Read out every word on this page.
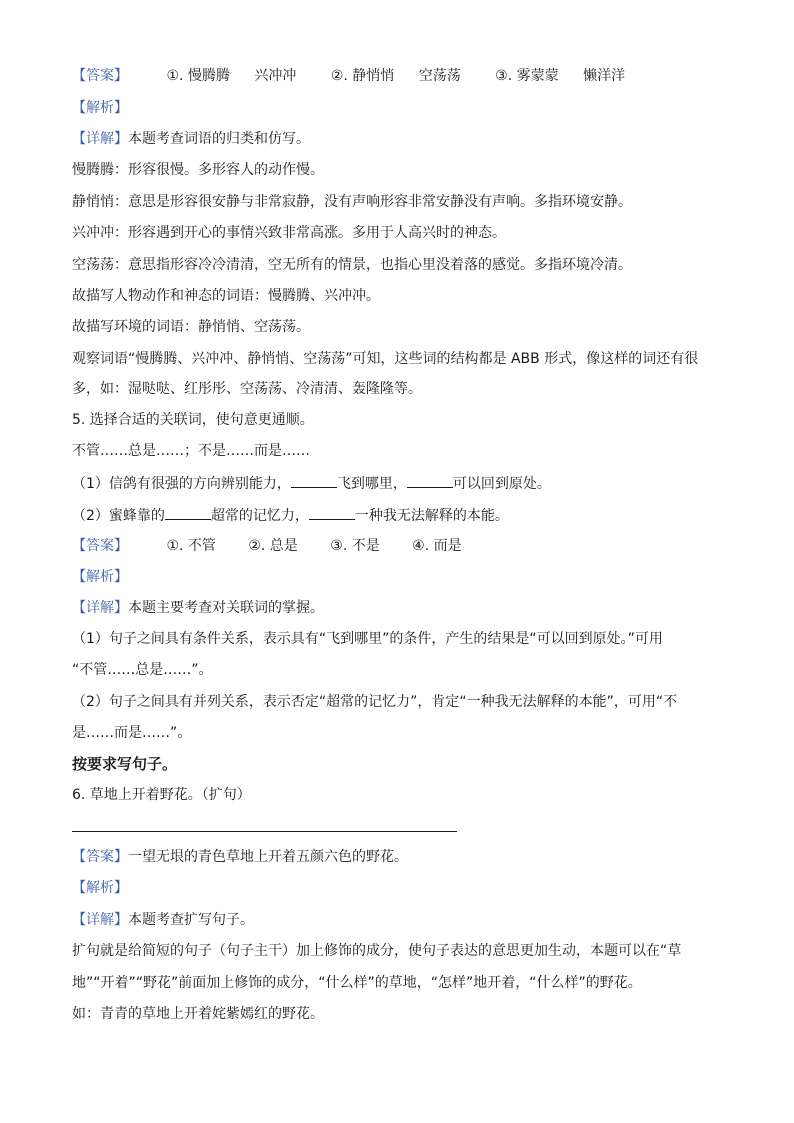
【答案】	①. 慢腾腾 兴冲冲 ②. 静悄悄 空荡荡 ③. 雾蒙蒙 懒洋洋
【解析】
【详解】本题考查词语的归类和仿写。
慢腾腾：形容很慢。多形容人的动作慢。
静悄悄：意思是形容很安静与非常寂静，没有声响形容非常安静没有声响。多指环境安静。
兴冲冲：形容遇到开心的事情兴致非常高涨。多用于人高兴时的神态。
空荡荡：意思指形容冷冷清清，空无所有的情景，也指心里没着落的感觉。多指环境冷清。
故描写人物动作和神态的词语：慢腾腾、兴冲冲。
故描写环境的词语：静悄悄、空荡荡。
观察词语“慢腾腾、兴冲冲、静悄悄、空荡荡”可知，这些词的结构都是 ABB 形式，像这样的词还有很
多，如：湿哒哒、红彤彤、空荡荡、冷清清、轰隆隆等。
5. 选择合适的关联词，使句意更通顺。
不管……总是……；不是……而是……
（1）信鸽有很强的方向辨别能力，	飞到哪里，	可以回到原处。
（2）蜜蜂靠的	超常的记忆力，	一种我无法解释的本能。
【答案】	①. 不管 ②. 总是 ③. 不是 ④. 而是
【解析】
【详解】本题主要考查对关联词的掌握。
（1）句子之间具有条件关系，表示具有“飞到哪里”的条件，产生的结果是“可以回到原处。”可用
“不管……总是……”。
（2）句子之间具有并列关系，表示否定“超常的记忆力”，肯定“一种我无法解释的本能”，可用“不
是……而是……”。
按要求写句子。
6. 草地上开着野花。（扩句）
【答案】一望无垠的青色草地上开着五颜六色的野花。
【解析】
【详解】本题考查扩写句子。
扩句就是给简短的句子（句子主干）加上修饰的成分，使句子表达的意思更加生动，本题可以在“草
地”“开着”“野花”前面加上修饰的成分，“什么样”的草地，“怎样”地开着，“什么样”的野花。
如：青青的草地上开着姹紫嫣红的野花。
